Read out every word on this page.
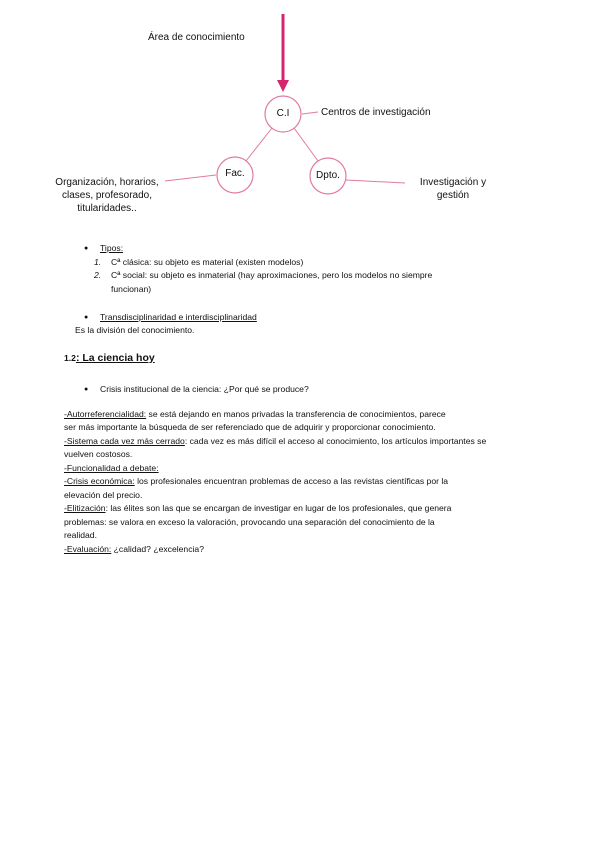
Área de conocimiento
C.I
Fac.	Dpto.
Centros de investigación
Organización, horarios,
clases, profesorado,
titularidades..
Investigación y
gestión
● Tipos:
1. Cª clásica: su objeto es material (existen modelos)
2. Cª social: su objeto es inmaterial (hay aproximaciones, pero los modelos no siempre
funcionan)
● Transdisciplinaridad e interdisciplinaridad
Es la división del conocimiento.
1.2: La ciencia hoy
● Crisis institucional de la ciencia: ¿Por qué se produce?
-Autorreferencialidad: se está dejando en manos privadas la transferencia de conocimientos, parece
ser más importante la búsqueda de ser referenciado que de adquirir y proporcionar conocimiento.
-Sistema cada vez más cerrado: cada vez es más difícil el acceso al conocimiento, los artículos importantes se
vuelven costosos.
-Funcionalidad a debate:
-Crisis económica: los profesionales encuentran problemas de acceso a las revistas científicas por la
elevación del precio.
-Elitización: las élites son las que se encargan de investigar en lugar de los profesionales, que genera
problemas: se valora en exceso la valoración, provocando una separación del conocimiento de la
realidad.
-Evaluación: ¿calidad? ¿excelencia?
